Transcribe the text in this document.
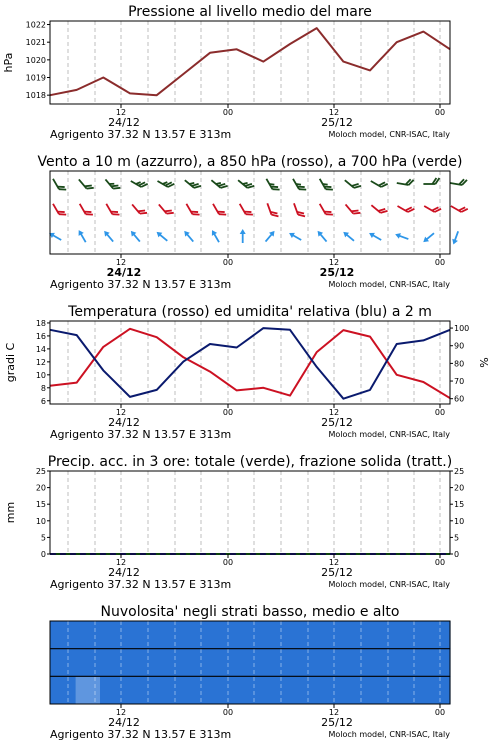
Pressione al livello medio del mare
1018
1019
1020
1021
1022
hPa
12	00	12	00
24/12	25/12
Agrigento 37.32 N 13.57 E 313m	Moloch model, CNR-ISAC, Italy
Vento a 10 m (azzurro), a 850 hPa (rosso), a 700 hPa (verde)
12	00	12	00
24/12	25/12
Agrigento 37.32 N 13.57 E 313m	Moloch model, CNR-ISAC, Italy
Temperatura (rosso) ed umidita' relativa (blu) a 2 m
6
8
10
12
14
16
18
60
70
80
90
100
gradi C	%
12	00	12	00
24/12	25/12
Agrigento 37.32 N 13.57 E 313m	Moloch model, CNR-ISAC, Italy
Precip. acc. in 3 ore: totale (verde), frazione solida (tratt.)
0
5
10
15
20
25
0
5
10
15
20
25
mm
12	00	12	00
24/12	25/12
Agrigento 37.32 N 13.57 E 313m	Moloch model, CNR-ISAC, Italy
Nuvolosita' negli strati basso, medio e alto
12	00	12	00
24/12	25/12
Agrigento 37.32 N 13.57 E 313m	Moloch model, CNR-ISAC, Italy
